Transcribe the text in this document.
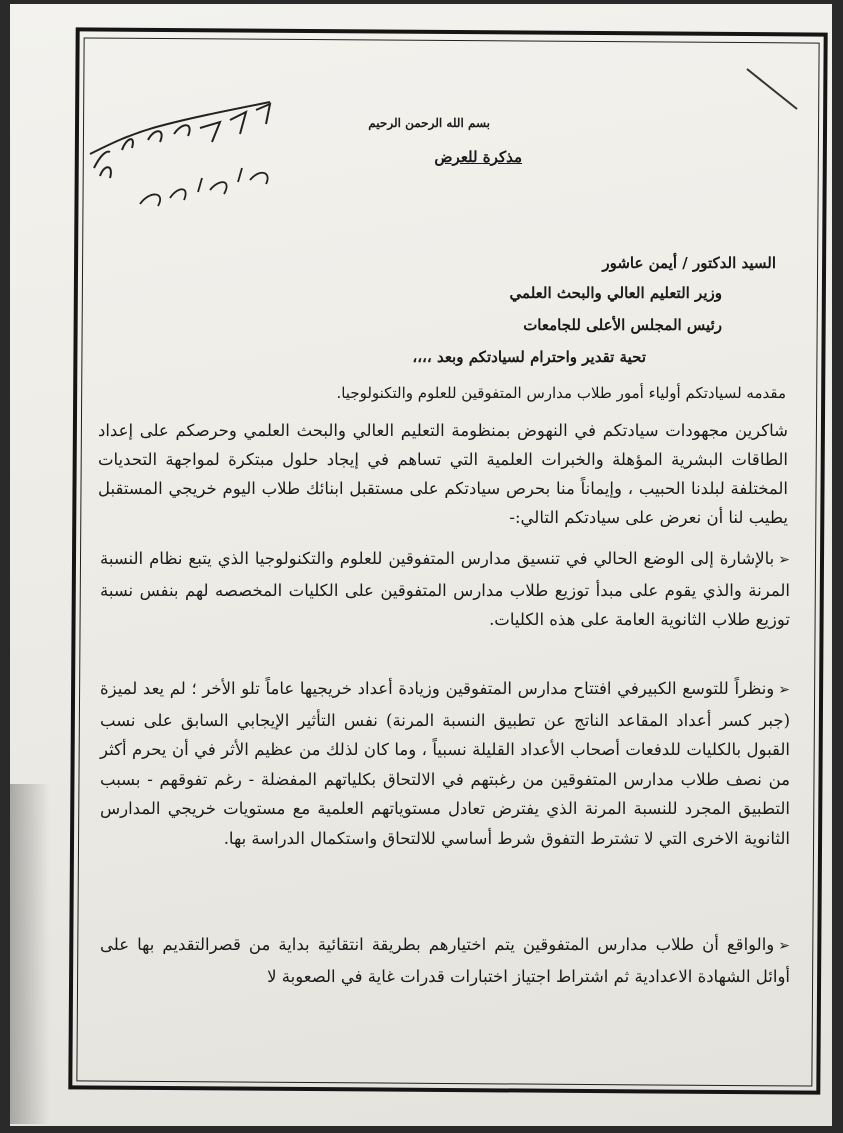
بسم الله الرحمن الرحيم
مذكرة للعرض
السيد الدكتور / أيمن عاشور
وزير التعليم العالي والبحث العلمي
رئيس المجلس الأعلى للجامعات
تحية تقدير واحترام لسيادتكم وبعد ،،،،
مقدمه لسيادتكم أولياء أمور طلاب مدارس المتفوقين للعلوم والتكنولوجيا.
شاكرين مجهودات سيادتكم في النهوض بمنظومة التعليم العالي والبحث العلمي وحرصكم على إعداد الطاقات البشرية المؤهلة والخبرات العلمية التي تساهم في إيجاد حلول مبتكرة لمواجهة التحديات المختلفة لبلدنا الحبيب ، وإيماناً منا بحرص سيادتكم على مستقبل ابنائك طلاب اليوم خريجي المستقبل يطيب لنا أن نعرض على سيادتكم التالي:-
➢بالإشارة إلى الوضع الحالي في تنسيق مدارس المتفوقين للعلوم والتكنولوجيا الذي يتبع نظام النسبة المرنة والذي يقوم على مبدأ توزيع طلاب مدارس المتفوقين على الكليات المخصصه لهم بنفس نسبة توزيع طلاب الثانوية العامة على هذه الكليات.
➢ونظراً للتوسع الكبيرفي افتتاح مدارس المتفوقين وزيادة أعداد خريجيها عاماً تلو الأخر ؛ لم يعد لميزة (جبر كسر أعداد المقاعد الناتج عن تطبيق النسبة المرنة) نفس التأثير الإيجابي السابق على نسب القبول بالكليات للدفعات أصحاب الأعداد القليلة نسبياً ، وما كان لذلك من عظيم الأثر في أن يحرم أكثر من نصف طلاب مدارس المتفوقين من رغبتهم في الالتحاق بكلياتهم المفضلة - رغم تفوقهم - بسبب التطبيق المجرد للنسبة المرنة الذي يفترض تعادل مستوياتهم العلمية مع مستويات خريجي المدارس الثانوية الاخرى التي لا تشترط التفوق شرط أساسي للالتحاق واستكمال الدراسة بها.
➢والواقع أن طلاب مدارس المتفوقين يتم اختيارهم بطريقة انتقائية بداية من قصرالتقديم بها على أوائل الشهادة الاعدادية ثم اشتراط اجتياز اختبارات قدرات غاية في الصعوبة لا
